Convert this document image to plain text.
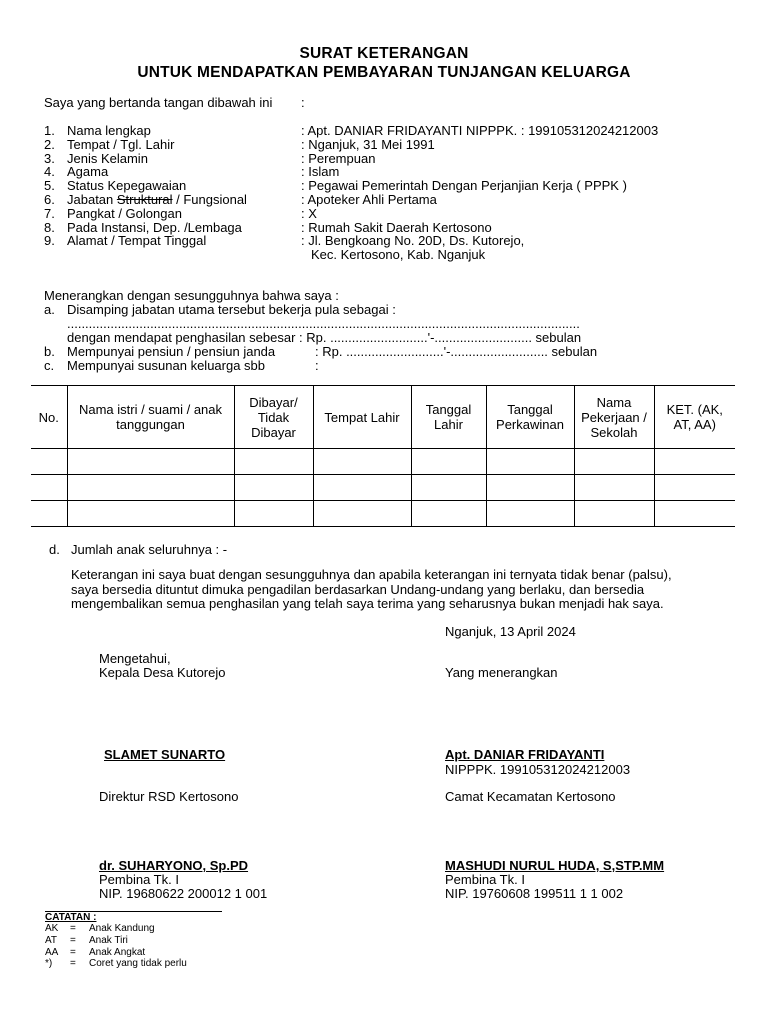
SURAT KETERANGAN
UNTUK MENDAPATKAN PEMBAYARAN TUNJANGAN KELUARGA
Saya yang bertanda tangan dibawah ini :
1. Nama lengkap	: Apt. DANIAR FRIDAYANTI NIPPPK. : 199105312024212003
2. Tempat / Tgl. Lahir	: Nganjuk, 31 Mei 1991
3. Jenis Kelamin	: Perempuan
4. Agama	: Islam
5. Status Kepegawaian	: Pegawai Pemerintah Dengan Perjanjian Kerja ( PPPK )
6. Jabatan Struktural / Fungsional	: Apoteker Ahli Pertama
7. Pangkat / Golongan	: X
8. Pada Instansi, Dep. /Lembaga	: Rumah Sakit Daerah Kertosono
9. Alamat / Tempat Tinggal	: Jl. Bengkoang No. 20D, Ds. Kutorejo,
Kec. Kertosono, Kab. Nganjuk
Menerangkan dengan sesungguhnya bahwa saya :
a. Disamping jabatan utama tersebut bekerja pula sebagai :
..............................................................................................................................................
dengan mendapat penghasilan sebesar : Rp. ...........................'-........................... sebulan
b. Mempunyai pensiun / pensiun janda	: Rp. ...........................'-........................... sebulan
c. Mempunyai susunan keluarga sbb	:
No.	Nama istri / suami / anak tanggungan	Dibayar/ Tidak Dibayar	Tempat Lahir	Tanggal Lahir	Tanggal Perkawinan	Nama Pekerjaan / Sekolah	KET. (AK, AT, AA)

d. Jumlah anak seluruhnya : -
Keterangan ini saya buat dengan sesungguhnya dan apabila keterangan ini ternyata tidak benar (palsu),
saya bersedia dituntut dimuka pengadilan berdasarkan Undang-undang yang berlaku, dan bersedia
mengembalikan semua penghasilan yang telah saya terima yang seharusnya bukan menjadi hak saya.
Nganjuk, 13 April 2024
Mengetahui,
Kepala Desa Kutorejo
SLAMET SUNARTO
Direktur RSD Kertosono
dr. SUHARYONO, Sp.PD
Pembina Tk. I
NIP. 19680622 200012 1 001
Yang menerangkan
Apt. DANIAR FRIDAYANTI
NIPPPK. 199105312024212003
Camat Kecamatan Kertosono
MASHUDI NURUL HUDA, S,STP.MM
Pembina Tk. I
NIP. 19760608 199511 1 1 002
CATATAN :
AK = Anak Kandung
AT = Anak Tiri
AA = Anak Angkat
*) = Coret yang tidak perlu
